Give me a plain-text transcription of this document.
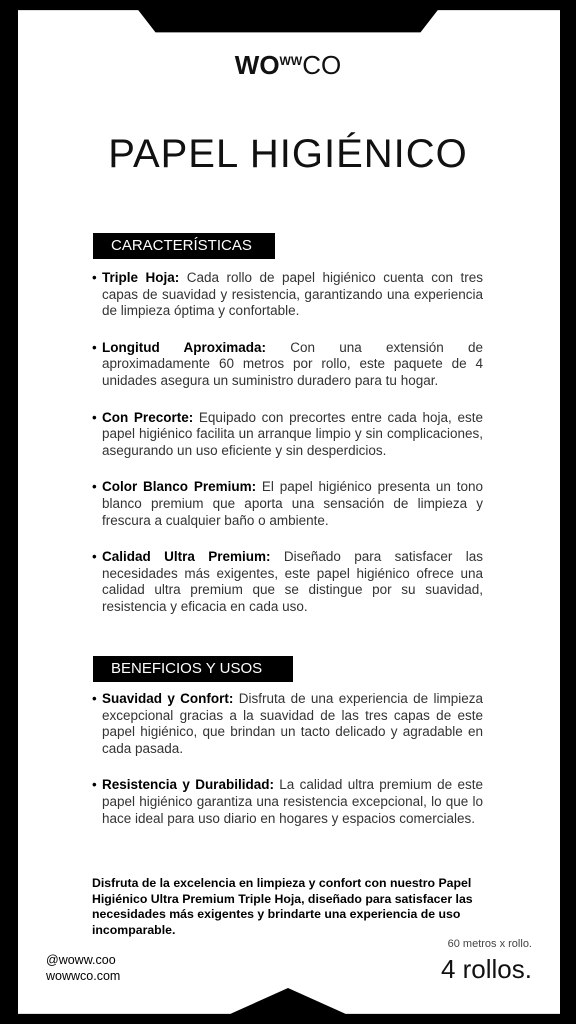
$WO^{WW}CO$
PAPEL HIGIÉNICO
CARACTERÍSTICAS
• Triple Hoja: Cada rollo de papel higiénico cuenta con tres capas de suavidad y resistencia, garantizando una experiencia de limpieza óptima y confortable.
• Longitud Aproximada: Con una extensión de aproximadamente 60 metros por rollo, este paquete de 4 unidades asegura un suministro duradero para tu hogar.
• Con Precorte: Equipado con precortes entre cada hoja, este papel higiénico facilita un arranque limpio y sin complicaciones, asegurando un uso eficiente y sin desperdicios.
• Color Blanco Premium: El papel higiénico presenta un tono blanco premium que aporta una sensación de limpieza y frescura a cualquier baño o ambiente.
• Calidad Ultra Premium: Diseñado para satisfacer las necesidades más exigentes, este papel higiénico ofrece una calidad ultra premium que se distingue por su suavidad, resistencia y eficacia en cada uso.
BENEFICIOS Y USOS
• Suavidad y Confort: Disfruta de una experiencia de limpieza excepcional gracias a la suavidad de las tres capas de este papel higiénico, que brindan un tacto delicado y agradable en cada pasada.
• Resistencia y Durabilidad: La calidad ultra premium de este papel higiénico garantiza una resistencia excepcional, lo que lo hace ideal para uso diario en hogares y espacios comerciales.
Disfruta de la excelencia en limpieza y confort con nuestro Papel Higiénico Ultra Premium Triple Hoja, diseñado para satisfacer las necesidades más exigentes y brindarte una experiencia de uso incomparable.
@woww.coo
wowwco.com
60 metros x rollo.
4 rollos.
